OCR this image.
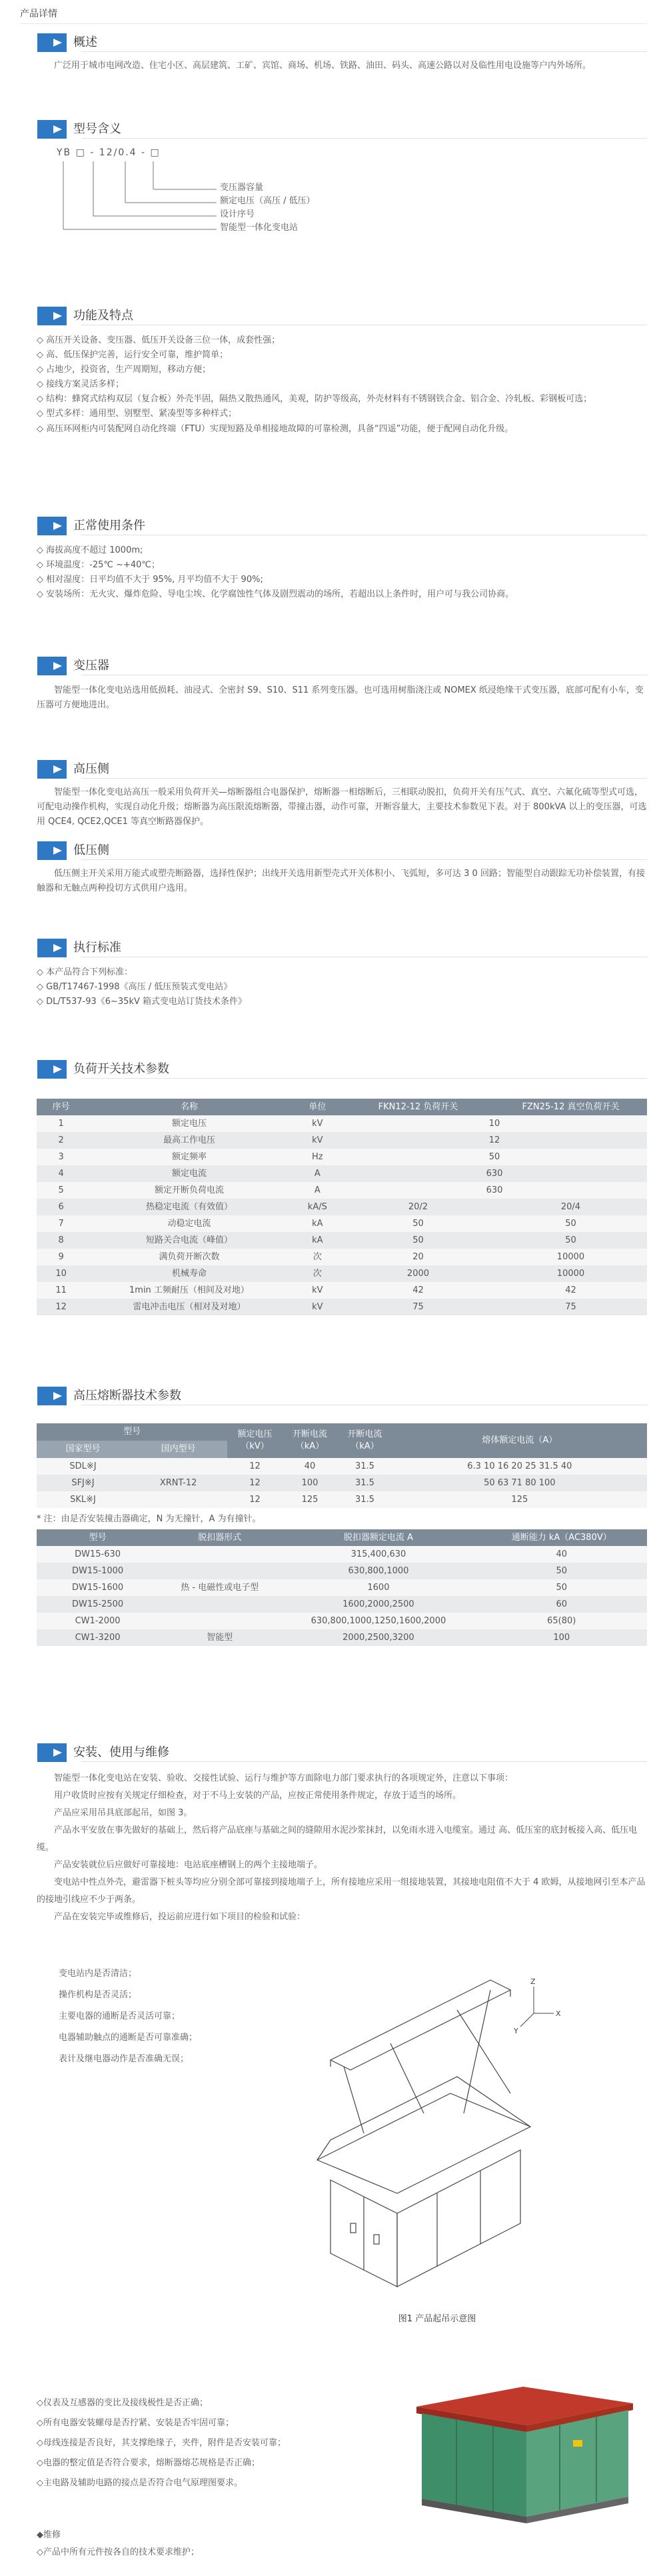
产品详情
概述
广泛用于城市电网改造、住宅小区、高层建筑、工矿、宾馆、商场、机场、铁路、油田、码头、高速公路以对及临性用电设施等户内外场所。
型号含义
YB □ - 12/0.4 - □
变压器容量
额定电压（高压 / 低压）
设计序号
智能型一体化变电站
功能及特点
◇ 高压开关设备、变压器、低压开关设备三位一体，成套性强；
◇ 高、低压保护完善，运行安全可靠，维护简单；
◇ 占地少，投资省，生产周期短，移动方便；
◇ 接线方案灵活多样；
◇ 结构：蜂窝式结构双层（复合板）外壳半固，隔热又散热通风，美观，防护等级高，外壳材料有不锈钢铁合金、铝合金、冷轧板、彩钢板可选；
◇ 型式多样：通用型、别墅型、紧凑型等多种样式；
◇ 高压环网柜内可装配网自动化终端（FTU）实现短路及单相接地故障的可靠检测，具备“四遥”功能，便于配网自动化升级。
正常使用条件
◇ 海拔高度不超过 1000m;
◇ 环境温度：-25℃ ~+40℃；
◇ 相对湿度：日平均值不大于 95%, 月平均值不大于 90%;
◇ 安装场所：无火灾、爆炸危险、导电尘埃、化学腐蚀性气体及剧烈震动的场所，若超出以上条件时，用户可与我公司协商。
变压器
智能型一体化变电站选用低损耗、油浸式、全密封 S9、S10、S11 系列变压器。也可选用树脂浇注或 NOMEX 纸浸绝缘干式变压器，底部可配有小车，变压器可方便地进出。
高压侧
智能型一体化变电站高压一般采用负荷开关—熔断器组合电器保护，熔断器一相熔断后，三相联动脱扣，负荷开关有压气式、真空、六氟化硫等型式可选，可配电动操作机构，实现自动化升级；熔断器为高压限流熔断器，带撞击器，动作可靠，开断容量大，主要技术参数见下表。对于 800kVA 以上的变压器，可选用 QCE4, QCE2,QCE1 等真空断路器保护。
低压侧
低压侧主开关采用万能式或塑壳断路器，选择性保护；出线开关选用新型壳式开关体积小、飞弧短，多可达 3 0 回路；智能型自动跟踪无功补偿装置，有接触器和无触点两种投切方式供用户选用。
执行标准
◇ 本产品符合下列标准：
◇ GB/T17467-1998《高压 / 低压预装式变电站》
◇ DL/T537-93《6~35kV 箱式变电站订货技术条件》
负荷开关技术参数
序号	名称	单位	FKN12-12 负荷开关	FZN25-12 真空负荷开关
1	额定电压	kV	10	
2	最高工作电压	kV	12	
3	额定频率	Hz	50	
4	额定电流	A	630	
5	额定开断负荷电流	A	630	
6	热稳定电流（有效值）	kA/S	20/2	20/4
7	动稳定电流	kA	50	50
8	短路关合电流（峰值）	kA	50	50
9	满负荷开断次数	次	20	10000
10	机械寿命	次	2000	10000
11	1min 工频耐压（相间及对地）	kV	42	42
12	雷电冲击电压（相对及对地）	kV	75	75
高压熔断器技术参数
型号		额定电压（kV）	开断电流（kA）	开断电流（kA）	熔体额定电流（A）
国家型号	国内型号				
SDL※J		12	40	31.5	6.3 10 16 20 25 31.5 40
SFJ※J	XRNT-12	12	100	31.5	50 63 71 80 100
SKL※J		12	125	31.5	125
* 注：由是否安装撞击器确定，N 为无撞针，A 为有撞针。
型号	脱扣器形式	脱扣器额定电流 A	通断能力 kA（AC380V）
DW15-630		315,400,630	40
DW15-1000		630,800,1000	50
DW15-1600	热 - 电磁性或电子型	1600	50
DW15-2500		1600,2000,2500	60
CW1-2000		630,800,1000,1250,1600,2000	65(80)
CW1-3200	智能型	2000,2500,3200	100
安装、使用与维修
智能型一体化变电站在安装、验收、交接性试验、运行与维护等方面除电力部门要求执行的各项规定外，注意以下事项：
用户收货时应按有关规定仔细检查，对于不马上安装的产品，应按正常使用条件规定，存放于适当的场所。
产品应采用吊具底部起吊，如图 3。
产品水平安放在事先做好的基础上，然后将产品底座与基础之间的缝隙用水泥沙浆抹封，以免雨水进入电缆室。通过 高、低压室的底封板接入高、低压电缆。
产品安装就位后应做好可靠接地：电站底座槽钢上的两个主接地端子。
变电站中性点外壳，避雷器下桩头等均应分别全部可靠接到接地端子上，所有接地应采用一组接地装置，其接地电阻值不大于 4 欧姆，从接地网引至本产品的接地引线应不少于两条。
产品在安装完毕或维修后，投运前应进行如下项目的检验和试验：
变电站内是否清洁；
操作机构是否灵活；
主要电器的通断是否灵活可靠；
电器辅助触点的通断是否可靠准确；
表计及继电器动作是否准确无误；
Z
X
Y
图1 产品起吊示意图
◇仪表及互感器的变比及接线极性是否正确；
◇所有电器安装螺母是否拧紧、安装是否牢固可靠；
◇母线连接是否良好，其支撑绝缘子，夹件，附件是否安装可靠；
◇电器的整定值是否符合要求，熔断器熔芯规格是否正确；
◇主电路及辅助电路的接点是否符合电气原理图要求。
◆维修
◇产品中所有元件按各自的技术要求维护；
